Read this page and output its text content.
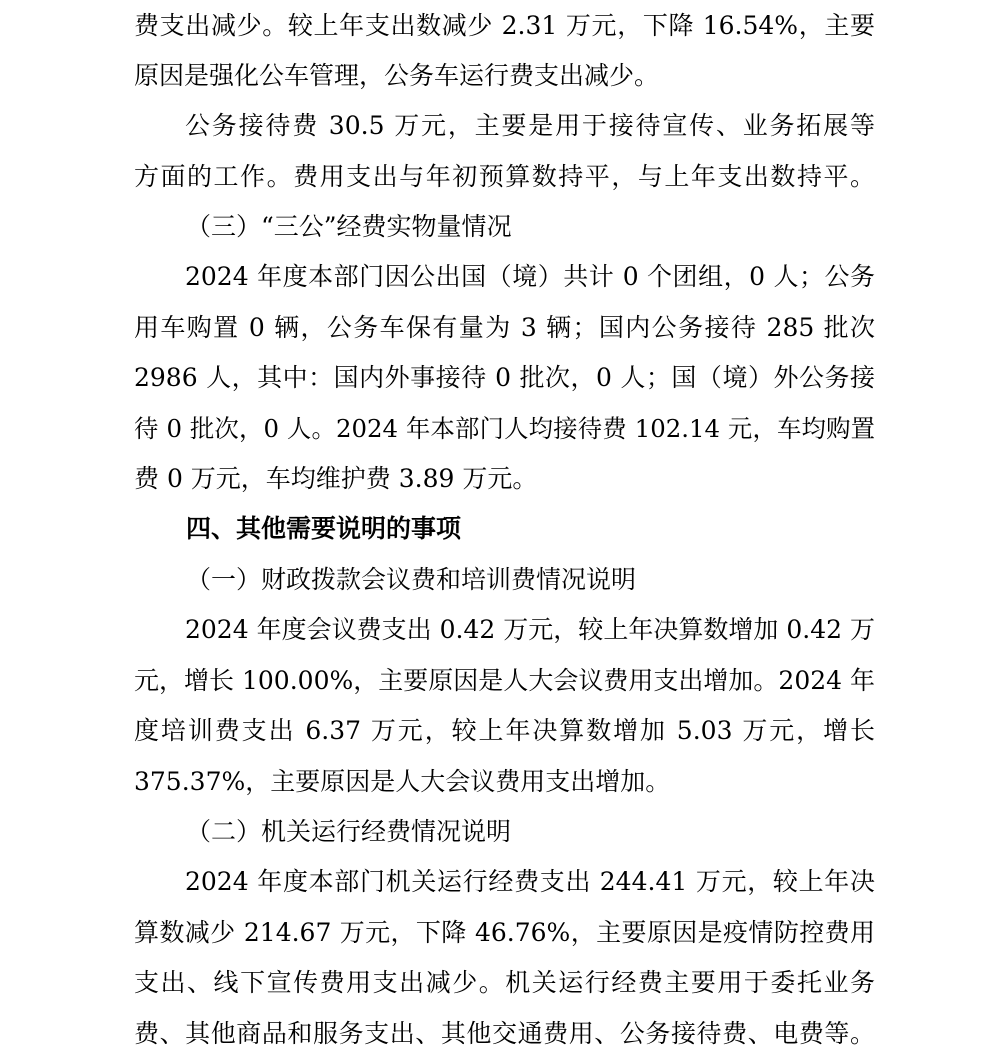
费支出减少。较上年支出数减少 2.31 万元，下降 16.54%，主要
原因是强化公车管理，公务车运行费支出减少。
公务接待费 30.5 万元，主要是用于接待宣传、业务拓展等
方面的工作。费用支出与年初预算数持平，与上年支出数持平。
（三）“三公”经费实物量情况
2024 年度本部门因公出国（境）共计 0 个团组，0 人；公务
用车购置 0 辆，公务车保有量为 3 辆；国内公务接待 285 批次
2986 人，其中：国内外事接待 0 批次，0 人；国（境）外公务接
待 0 批次，0 人。2024 年本部门人均接待费 102.14 元，车均购置
费 0 万元，车均维护费 3.89 万元。
四、其他需要说明的事项
（一）财政拨款会议费和培训费情况说明
2024 年度会议费支出 0.42 万元，较上年决算数增加 0.42 万
元，增长 100.00%，主要原因是人大会议费用支出增加。2024 年
度培训费支出 6.37 万元，较上年决算数增加 5.03 万元，增长
375.37%，主要原因是人大会议费用支出增加。
（二）机关运行经费情况说明
2024 年度本部门机关运行经费支出 244.41 万元，较上年决
算数减少 214.67 万元，下降 46.76%，主要原因是疫情防控费用
支出、线下宣传费用支出减少。机关运行经费主要用于委托业务
费、其他商品和服务支出、其他交通费用、公务接待费、电费等。
